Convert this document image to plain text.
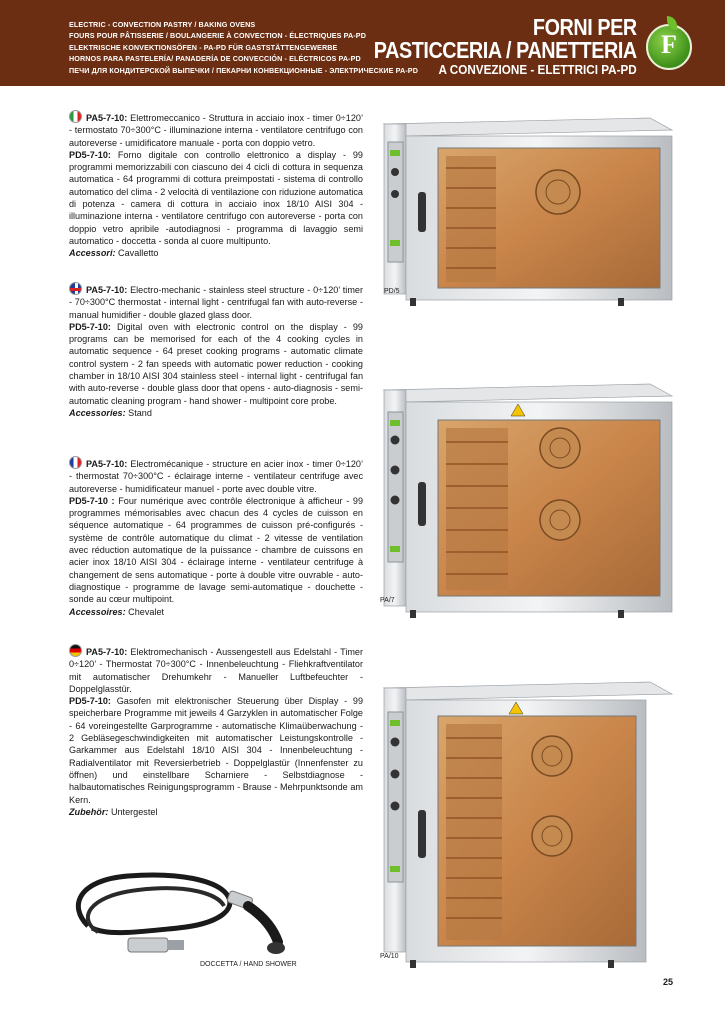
ELECTRIC - CONVECTION PASTRY / BAKING OVENS
FOURS POUR PÂTISSERIE / BOULANGERIE À CONVECTION - ÉLECTRIQUES PA-PD
ELEKTRISCHE KONVEKTIONSÖFEN - PA-PD FÜR GASTSTÄTTENGEWERBE
HORNOS PARA PASTELERÍA/ PANADERÍA DE CONVECCIÓN - ELÉCTRICOS PA-PD
ПЕЧИ ДЛЯ КОНДИТЕРСКОЙ ВЫПЕЧКИ / ПЕКАРНИ КОНВЕКЦИОННЫЕ - ЭЛЕКТРИЧЕСКИЕ PA-PD
FORNI PER
PASTICCERIA / PANETTERIA
A CONVEZIONE - ELETTRICI PA-PD
F

PA5-7-10: Elettromeccanico - Struttura in acciaio inox - timer 0÷120’ - termostato 70÷300°C - illuminazione interna - ventilatore centrifugo con autoreverse - umidificatore manuale - porta con doppio vetro.

PD5-7-10: Forno digitale con controllo elettronico a display - 99 programmi memorizzabili con ciascuno dei 4 cicli di cottura in sequenza automatica - 64 programmi di cottura preimpostati - sistema di controllo automatico del clima - 2 velocità di ventilazione con riduzione automatica di potenza - camera di cottura in acciaio inox 18/10 AISI 304 - illuminazione interna - ventilatore centrifugo con autoreverse - porta con doppio vetro apribile -autodiagnosi - programma di lavaggio semi automatico - doccetta - sonda al cuore multipunto.

Accessori: Cavalletto

PA5-7-10: Electro-mechanic - stainless steel structure - 0÷120’ timer - 70÷300°C thermostat - internal light - centrifugal fan with auto-reverse - manual humidifier - double glazed glass door.

PD5-7-10: Digital oven with electronic control on the display - 99 programs can be memorised for each of the 4 cooking cycles in automatic sequence - 64 preset cooking programs - automatic climate control system - 2 fan speeds with automatic power reduction - cooking chamber in 18/10 AISI 304 stainless steel - internal light - centrifugal fan with auto-reverse - double glass door that opens - auto-diagnosis - semi-automatic cleaning program - hand shower - multipoint core probe.

Accessories: Stand

PA5-7-10: Electromécanique - structure en acier inox - timer 0÷120’ - thermostat 70÷300°C - éclairage interne - ventilateur centrifuge avec autoreverse - humidificateur manuel - porte avec double vitre.

PD5-7-10 : Four numérique avec contrôle électronique à afficheur - 99 programmes mémorisables avec chacun des 4 cycles de cuisson en séquence automatique - 64 programmes de cuisson pré-configurés - système de contrôle automatique du climat - 2 vitesse de ventilation avec réduction automatique de la puissance - chambre de cuissons en acier inox 18/10 AISI 304 - éclairage interne - ventilateur centrifuge à changement de sens automatique - porte à double vitre ouvrable - auto-diagnostique - programme de lavage semi-automatique - douchette - sonde au cœur multipoint.

Accessoires: Chevalet

PA5-7-10: Elektromechanisch - Aussengestell aus Edelstahl - Timer 0÷120’ - Thermostat 70÷300°C - Innenbeleuchtung - Fliehkraftventilator mit automatischer Drehumkehr - Manueller Luftbefeuchter - Doppelglasstür.

PD5-7-10: Gasofen mit elektronischer Steuerung über Display - 99 speicherbare Programme mit jeweils 4 Garzyklen in automatischer Folge - 64 voreingestellte Garprogramme - automatische Klimaüberwachung - 2 Gebläsegeschwindigkeiten mit automatischer Leistungskontrolle - Garkammer aus Edelstahl 18/10 AISI 304 - Innenbeleuchtung - Radialventilator mit Reversierbetrieb - Doppelglastür (Innenfenster zu öffnen) und einstellbare Scharniere - Selbstdiagnose - halbautomatisches Reinigungsprogramm - Brause - Mehrpunktsonde am Kern.

Zubehör: Untergestel

PD/5
PA/7
PA/10
DOCCETTA / HAND SHOWER
25
